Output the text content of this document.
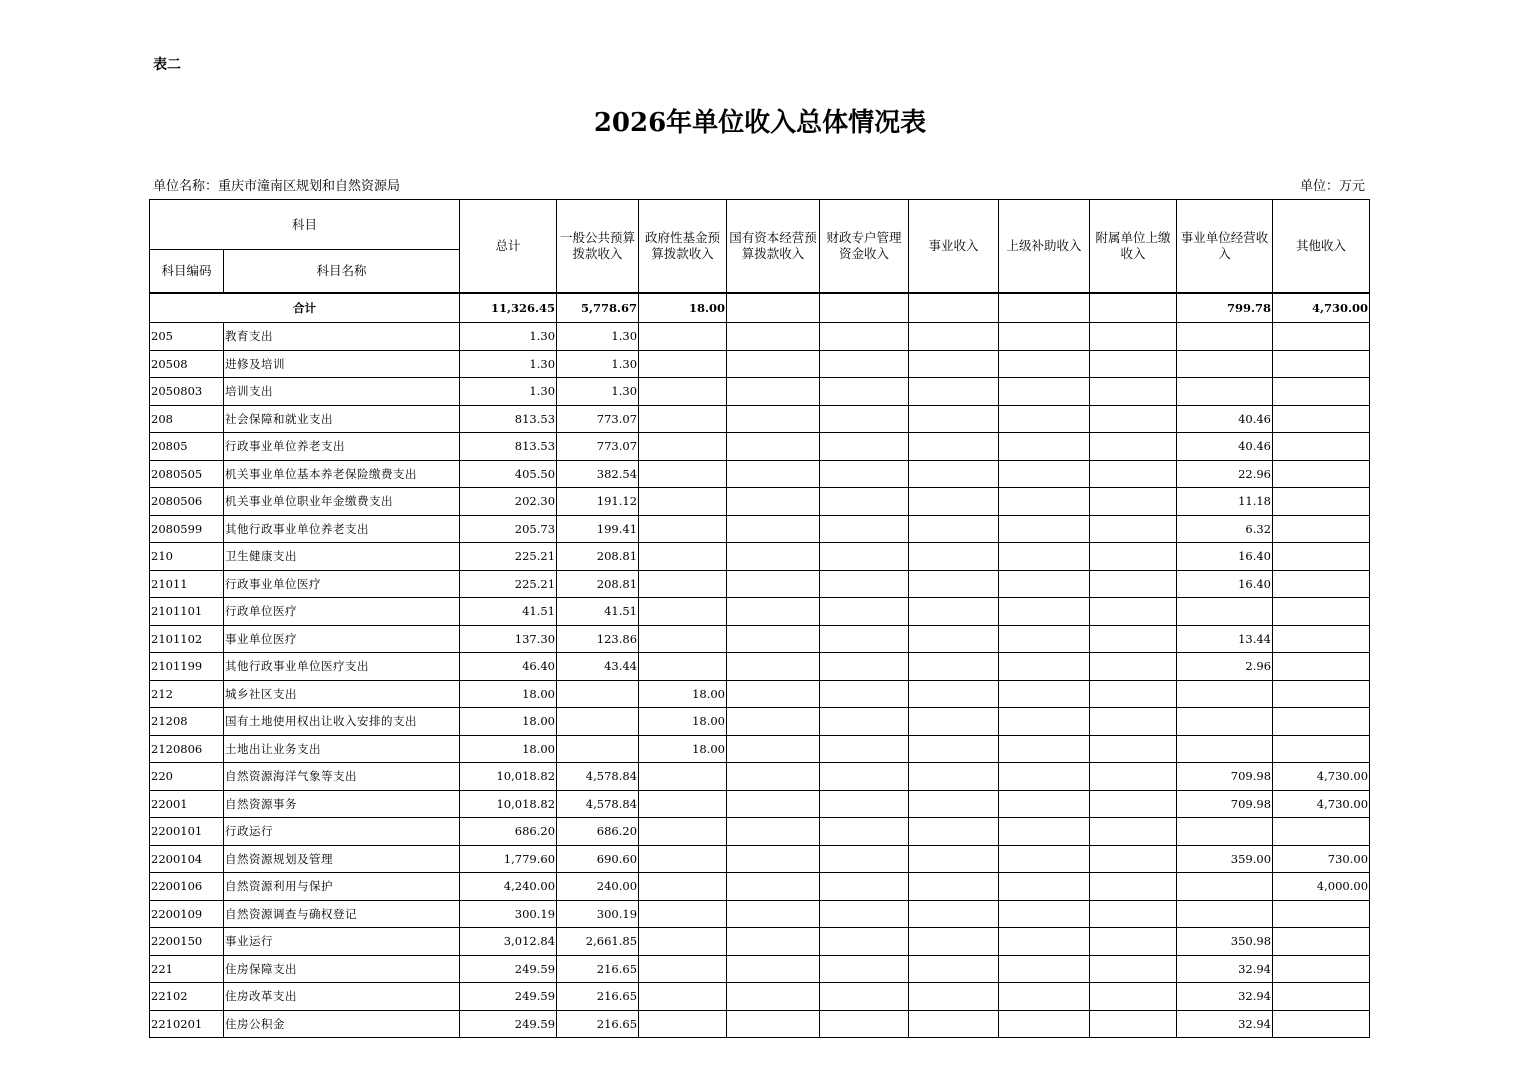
表二
2026年单位收入总体情况表
单位名称：重庆市潼南区规划和自然资源局	单位：万元
科目		总计	一般公共预算拨款收入	政府性基金预算拨款收入	国有资本经营预算拨款收入	财政专户管理资金收入	事业收入	上级补助收入	附属单位上缴收入	事业单位经营收入	其他收入
科目编码	科目名称										
合计		11,326.45	5,778.67	18.00						799.78	4,730.00
205	教育支出	1.30	1.30								
20508	进修及培训	1.30	1.30								
2050803	培训支出	1.30	1.30								
208	社会保障和就业支出	813.53	773.07							40.46	
20805	行政事业单位养老支出	813.53	773.07							40.46	
2080505	机关事业单位基本养老保险缴费支出	405.50	382.54							22.96	
2080506	机关事业单位职业年金缴费支出	202.30	191.12							11.18	
2080599	其他行政事业单位养老支出	205.73	199.41							6.32	
210	卫生健康支出	225.21	208.81							16.40	
21011	行政事业单位医疗	225.21	208.81							16.40	
2101101	行政单位医疗	41.51	41.51								
2101102	事业单位医疗	137.30	123.86							13.44	
2101199	其他行政事业单位医疗支出	46.40	43.44							2.96	
212	城乡社区支出	18.00		18.00							
21208	国有土地使用权出让收入安排的支出	18.00		18.00							
2120806	土地出让业务支出	18.00		18.00							
220	自然资源海洋气象等支出	10,018.82	4,578.84							709.98	4,730.00
22001	自然资源事务	10,018.82	4,578.84							709.98	4,730.00
2200101	行政运行	686.20	686.20								
2200104	自然资源规划及管理	1,779.60	690.60							359.00	730.00
2200106	自然资源利用与保护	4,240.00	240.00								4,000.00
2200109	自然资源调查与确权登记	300.19	300.19								
2200150	事业运行	3,012.84	2,661.85							350.98	
221	住房保障支出	249.59	216.65							32.94	
22102	住房改革支出	249.59	216.65							32.94	
2210201	住房公积金	249.59	216.65							32.94	
